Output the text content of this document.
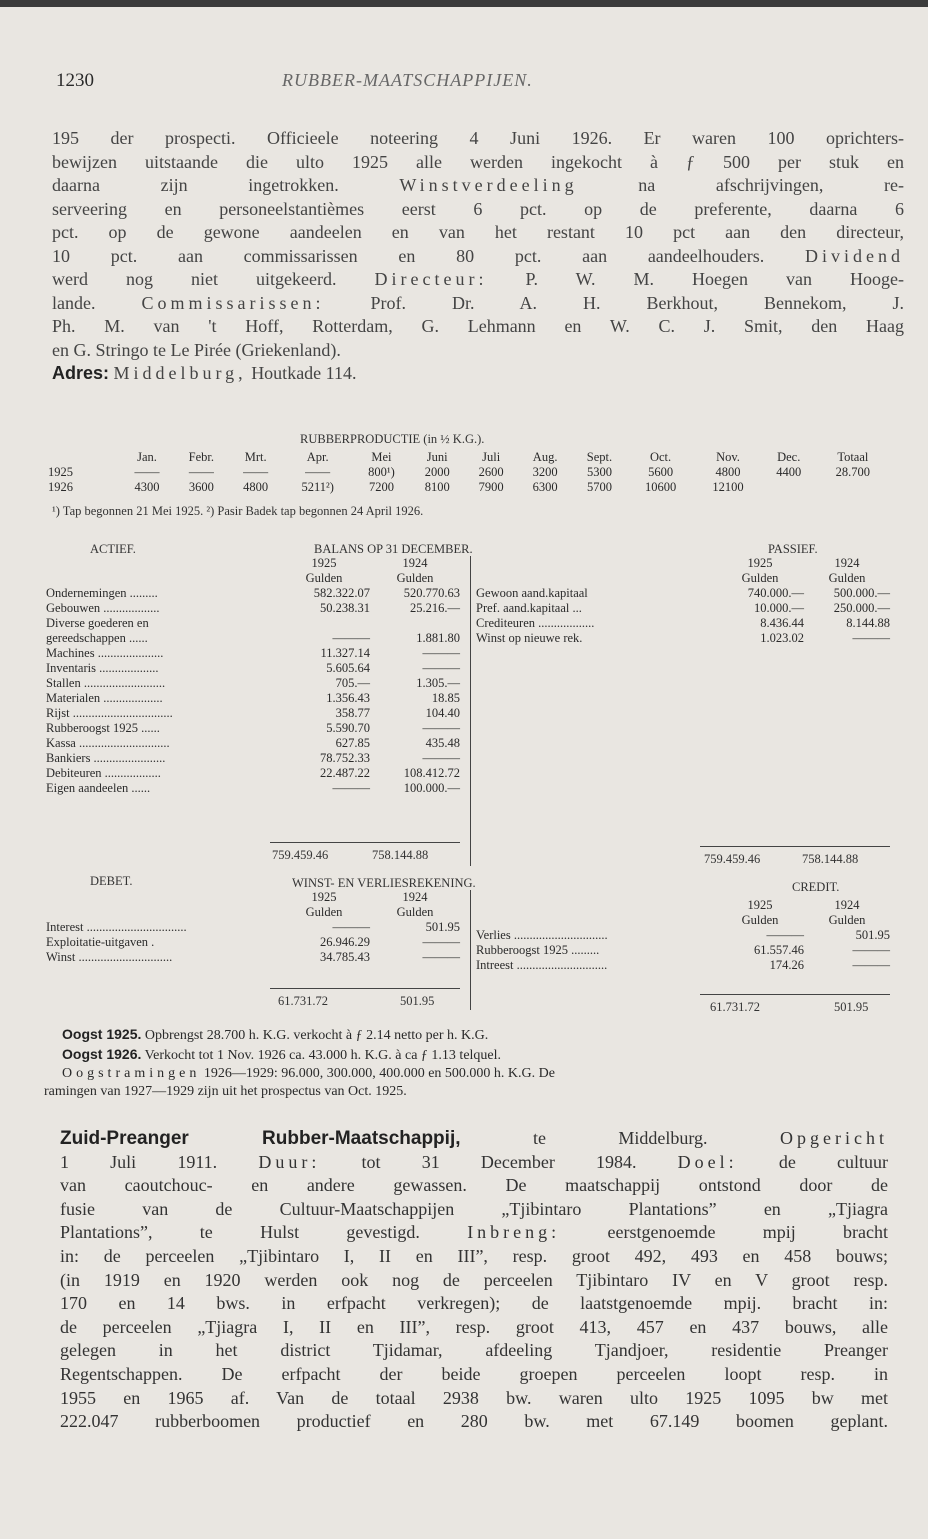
1230	RUBBER-MAATSCHAPPIJEN.

195 der prospecti. Officieele noteering 4 Juni 1926. Er waren 100 oprichters-

bewijzen uitstaande die ulto 1925 alle werden ingekocht à ƒ 500 per stuk en

daarna zijn ingetrokken.	Winstverdeeling	na afschrijvingen, re-

serveering en personeelstantièmes eerst 6 pct. op de preferente, daarna 6

pct. op de gewone aandeelen en van het restant 10 pct aan den directeur,

10 pct. aan commissarissen en 80 pct. aan aandeelhouders. Dividend

werd nog niet uitgekeerd. Directeur: P. W. M. Hoegen van Hooge-

lande.	Commissarissen:	Prof. Dr. A. H. Berkhout, Bennekom, J.

Ph. M. van 't Hoff, Rotterdam, G. Lehmann en W. C. J. Smit, den Haag

en G. Stringo te Le Pirée (Griekenland).

Adres: Middelburg, Houtkade 114.

RUBBERPRODUCTIE (in ½ K.G.).
	Jan.	Febr.	Mrt.	Apr.	Mei	Juni	Juli	Aug.	Sept.	Oct.	Nov.	Dec.	Totaal
1925	——	——	——	——	800¹)	2000	2600	3200	5300	5600	4800	4400	28.700
1926	4300	3600	4800	5211²)	7200	8100	7900	6300	5700	10600	12100		
¹) Tap begonnen 21 Mei 1925. ²) Pasir Badek tap begonnen 24 April 1926.
ACTIEF.	BALANS OP 31 DECEMBER.	PASSIEF.
	1925	1924
	Gulden	Gulden
Ondernemingen .........	582.322.07	520.770.63
Gebouwen ..................	50.238.31	25.216.—
Diverse goederen en		
gereedschappen ......	———	1.881.80
Machines .....................	11.327.14	———
Inventaris ...................	5.605.64	———
Stallen ..........................	705.—	1.305.—
Materialen ...................	1.356.43	18.85
Rijst ................................	358.77	104.40
Rubberoogst 1925 ......	5.590.70	———
Kassa .............................	627.85	435.48
Bankiers .......................	78.752.33	———
Debiteuren ..................	22.487.22	108.412.72
Eigen aandeelen ......	———	100.000.—
	1925	1924
	Gulden	Gulden
Gewoon aand.kapitaal	740.000.—	500.000.—
Pref. aand.kapitaal ...	10.000.—	250.000.—
Crediteuren ..................	8.436.44	8.144.88
Winst op nieuwe rek.	1.023.02	———
759.459.46	758.144.88	759.459.46	758.144.88
DEBET.	WINST- EN VERLIESREKENING.	CREDIT.
	1925	1924
	Gulden	Gulden
Interest ................................	———	501.95
Exploitatie-uitgaven .	26.946.29	———
Winst ..............................	34.785.43	———
	1925	1924
	Gulden	Gulden
Verlies ..............................	———	501.95
Rubberoogst 1925 .........	61.557.46	———
Intreest .............................	174.26	———
61.731.72	501.95	61.731.72	501.95
Oogst 1925. Opbrengst 28.700 h. K.G. verkocht à ƒ 2.14 netto per h. K.G.
Oogst 1926. Verkocht tot 1 Nov. 1926 ca. 43.000 h. K.G. à ca ƒ 1.13 telquel.
Oogstramingen 1926—1929: 96.000, 300.000, 400.000 en 500.000 h. K.G. De
ramingen van 1927—1929 zijn uit het prospectus van Oct. 1925.

Zuid-Preanger Rubber-Maatschappij,	te Middelburg.	Opgericht

1 Juli 1911. Duur: tot 31 December 1984. Doel: de cultuur

van caoutchouc- en andere gewassen. De maatschappij ontstond door de

fusie van de Cultuur-Maatschappijen „Tjibintaro Plantations” en „Tjiagra

Plantations”, te Hulst gevestigd.	Inbreng:	eerstgenoemde mpij bracht

in: de perceelen „Tjibintaro I, II en III”, resp. groot 492, 493 en 458 bouws;

(in 1919 en 1920 werden ook nog de perceelen Tjibintaro IV en V groot resp.

170 en 14 bws. in erfpacht verkregen); de laatstgenoemde mpij. bracht in:

de perceelen „Tjiagra I, II en III”, resp. groot 413, 457 en 437 bouws, alle

gelegen in het district Tjidamar, afdeeling Tjandjoer, residentie Preanger

Regentschappen. De erfpacht der beide groepen perceelen loopt resp. in

1955 en 1965 af. Van de totaal 2938 bw. waren ulto 1925 1095 bw met

222.047 rubberboomen productief en 280 bw. met 67.149 boomen geplant.
